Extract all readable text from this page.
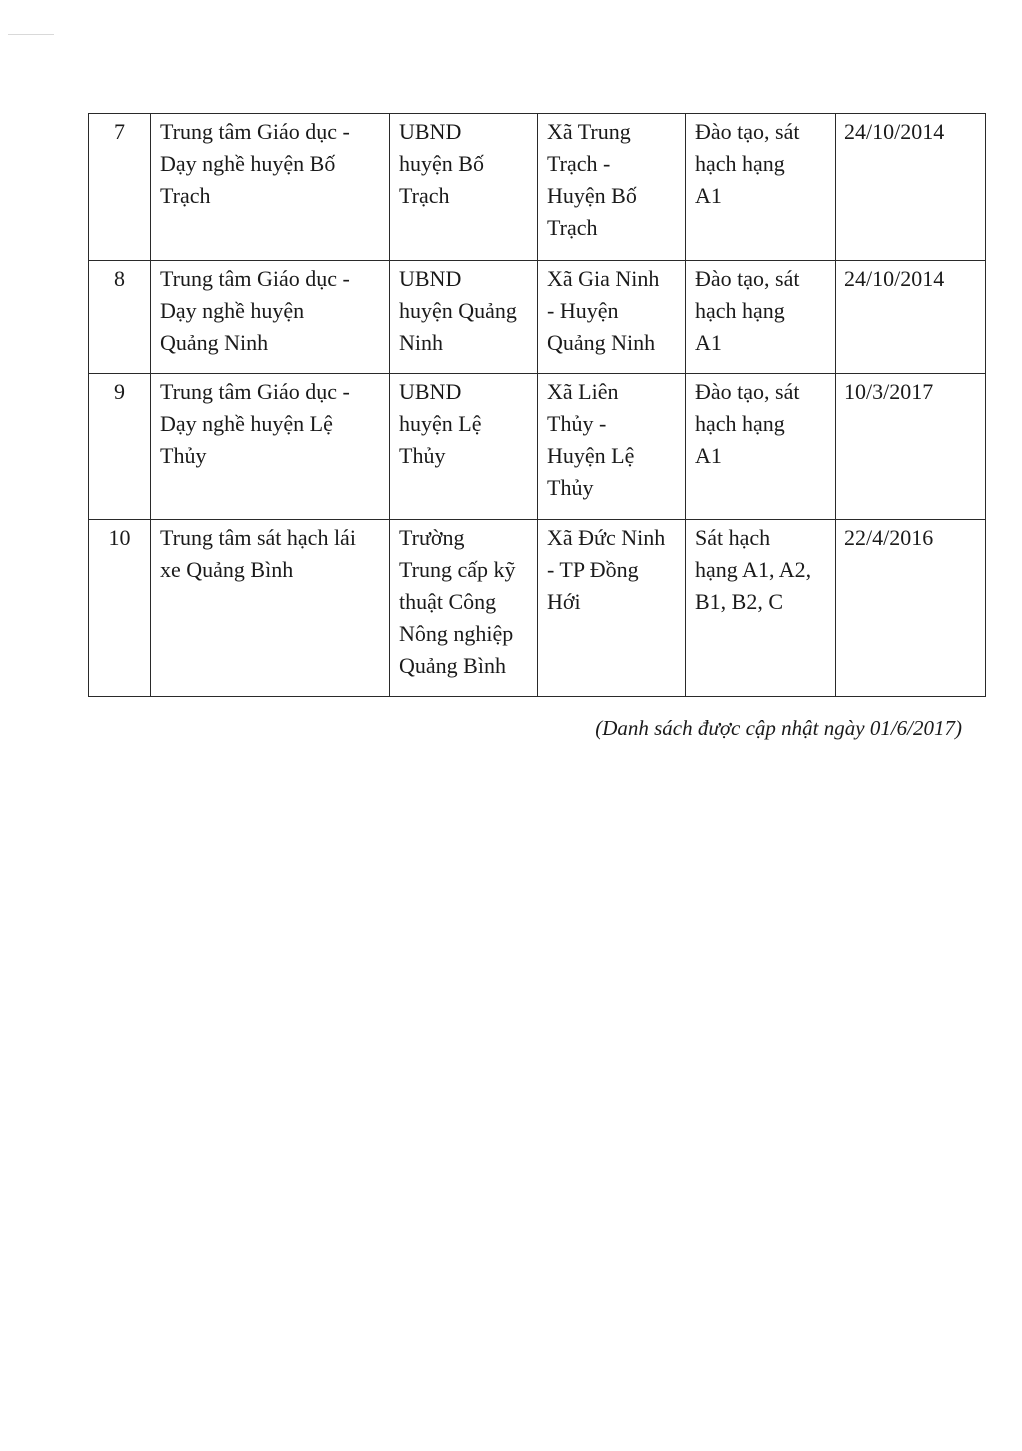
7	Trung tâm Giáo dục -
Dạy nghề huyện Bố
Trạch	UBND
huyện Bố
Trạch	Xã Trung
Trạch -
Huyện Bố
Trạch	Đào tạo, sát
hạch hạng
A1	24/10/2014
8	Trung tâm Giáo dục -
Dạy nghề huyện
Quảng Ninh	UBND
huyện Quảng
Ninh	Xã Gia Ninh
- Huyện
Quảng Ninh	Đào tạo, sát
hạch hạng
A1	24/10/2014
9	Trung tâm Giáo dục -
Dạy nghề huyện Lệ
Thủy	UBND
huyện Lệ
Thủy	Xã Liên
Thủy -
Huyện Lệ
Thủy	Đào tạo, sát
hạch hạng
A1	10/3/2017
10	Trung tâm sát hạch lái
xe Quảng Bình	Trường
Trung cấp kỹ
thuật Công
Nông nghiệp
Quảng Bình	Xã Đức Ninh
- TP Đồng
Hới	Sát hạch
hạng A1, A2,
B1, B2, C	22/4/2016
(Danh sách được cập nhật ngày 01/6/2017)
